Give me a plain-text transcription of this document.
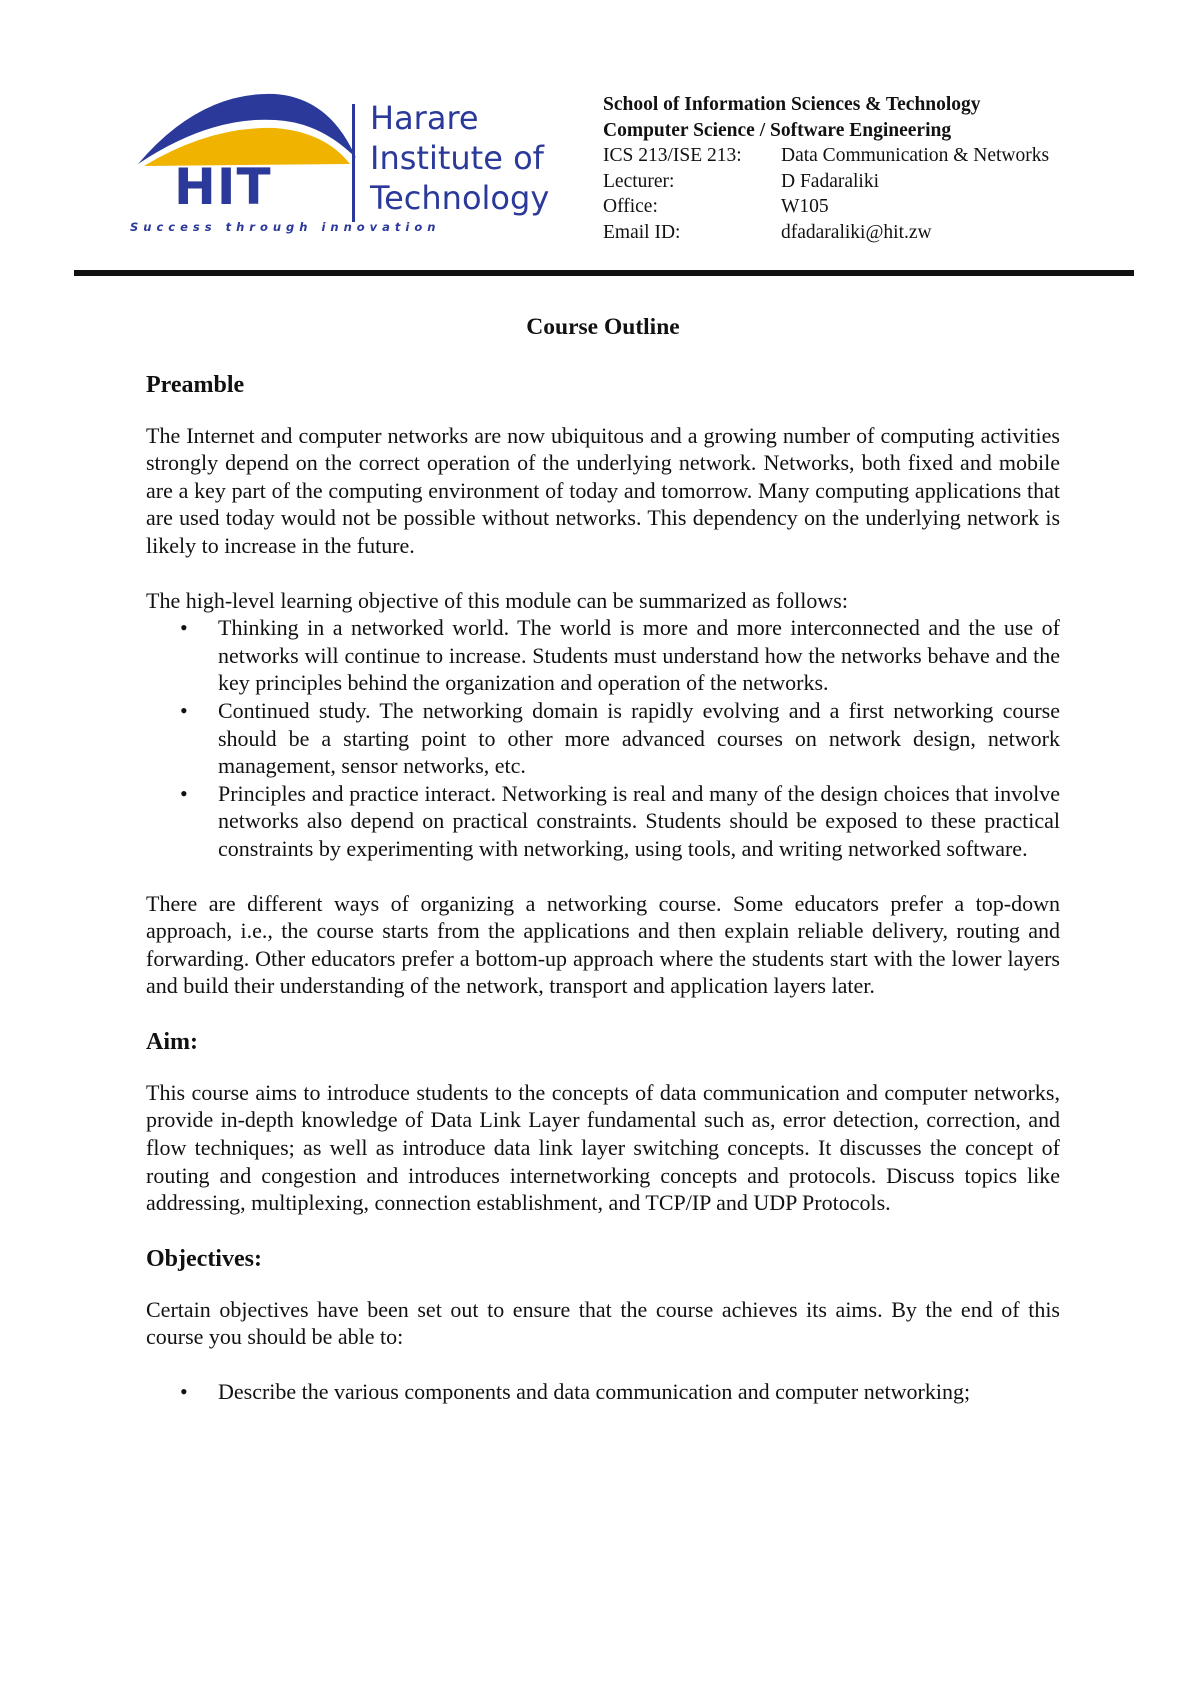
HIT
Harare
Institute of
Technology
Success through innovation
School of Information Sciences & Technology
Computer Science / Software Engineering
ICS 213/ISE 213:	Data Communication & Networks
Lecturer:	D Fadaraliki
Office:	W105
Email ID:	dfadaraliki@hit.zw
Course Outline
Preamble

The Internet and computer networks are now ubiquitous and a growing number of computing activities strongly depend on the correct operation of the underlying network. Networks, both fixed and mobile are a key part of the computing environment of today and tomorrow. Many computing applications that are used today would not be possible without networks. This dependency on the underlying network is likely to increase in the future.

The high-level learning objective of this module can be summarized as follows:

• Thinking in a networked world. The world is more and more interconnected and the use of networks will continue to increase. Students must understand how the networks behave and the key principles behind the organization and operation of the networks.
• Continued study. The networking domain is rapidly evolving and a first networking course should be a starting point to other more advanced courses on network design, network management, sensor networks, etc.
• Principles and practice interact. Networking is real and many of the design choices that involve networks also depend on practical constraints. Students should be exposed to these practical constraints by experimenting with networking, using tools, and writing networked software.

There are different ways of organizing a networking course. Some educators prefer a top-down approach, i.e., the course starts from the applications and then explain reliable delivery, routing and forwarding. Other educators prefer a bottom-up approach where the students start with the lower layers and build their understanding of the network, transport and application layers later.

Aim:

This course aims to introduce students to the concepts of data communication and computer networks, provide in-depth knowledge of Data Link Layer fundamental such as, error detection, correction, and flow techniques; as well as introduce data link layer switching concepts. It discusses the concept of routing and congestion and introduces internetworking concepts and protocols. Discuss topics like addressing, multiplexing, connection establishment, and TCP/IP and UDP Protocols.

Objectives:

Certain objectives have been set out to ensure that the course achieves its aims. By the end of this course you should be able to:

• Describe the various components and data communication and computer networking;
